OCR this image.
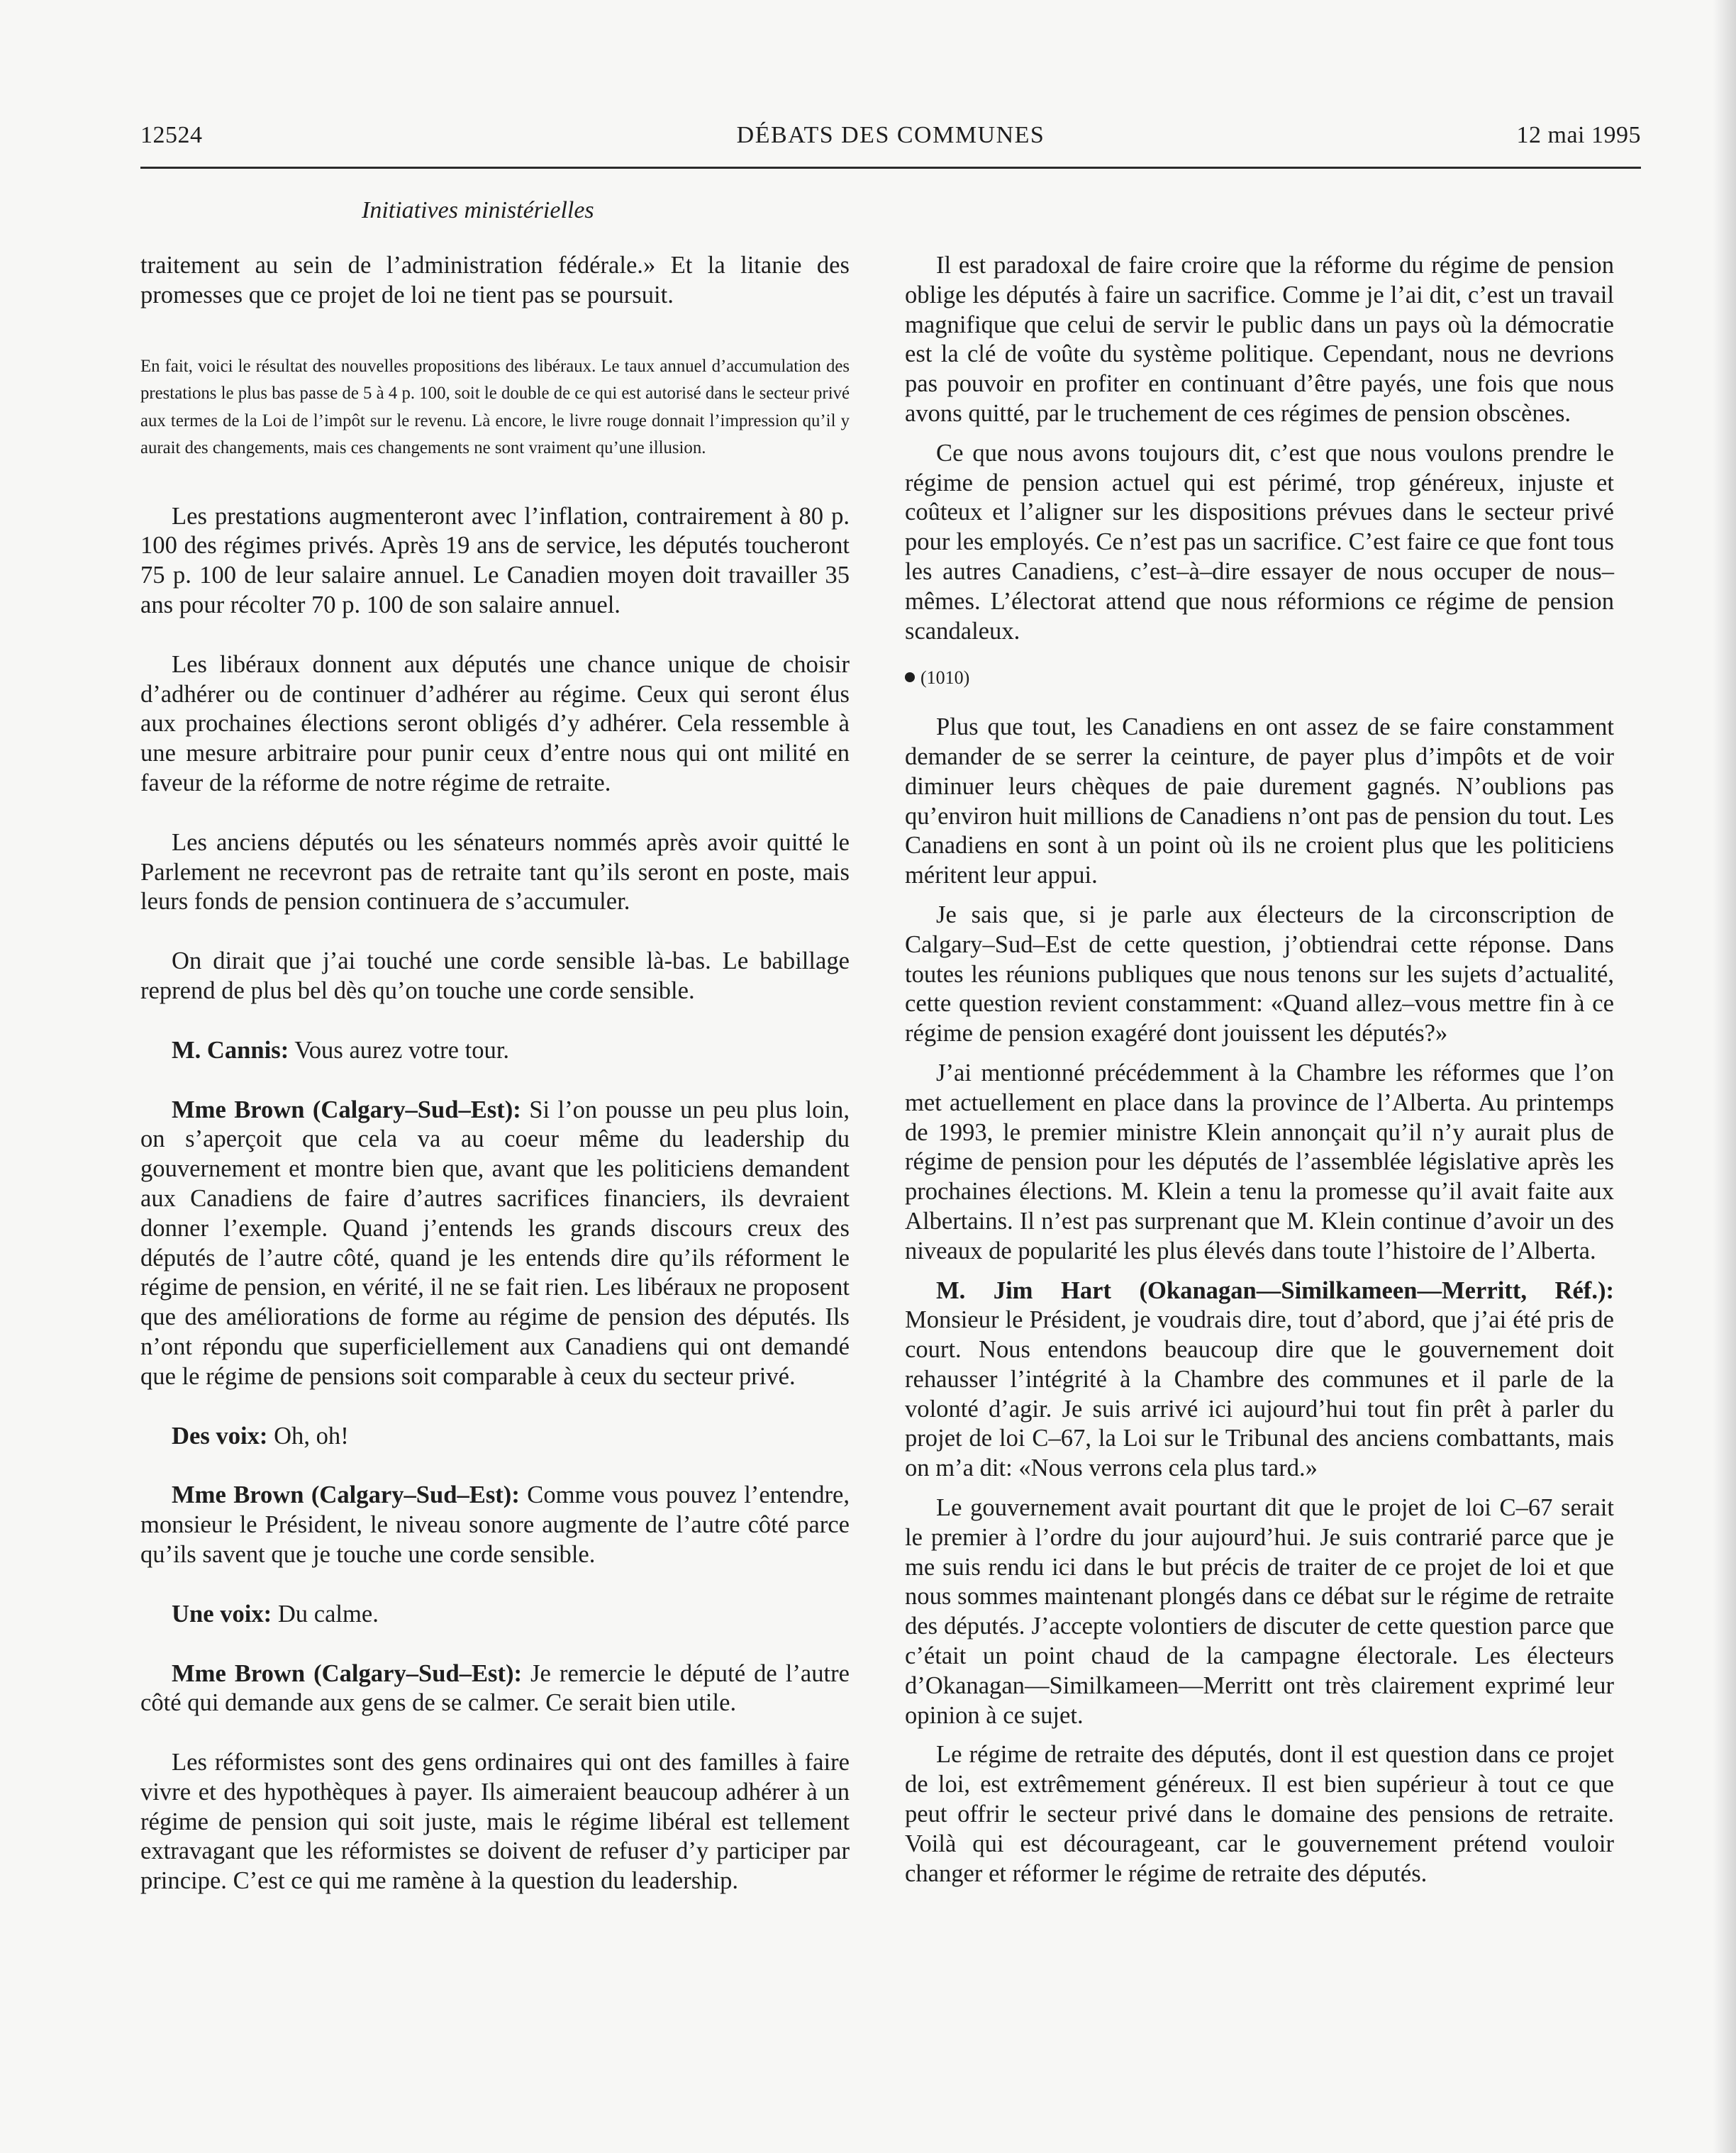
12524	DÉBATS DES COMMUNES	12 mai 1995
Initiatives ministérielles

traitement au sein de l’administration fédérale.» Et la litanie des promesses que ce projet de loi ne tient pas se poursuit.

En fait, voici le résultat des nouvelles propositions des libéraux. Le taux annuel d’accumulation des prestations le plus bas passe de 5 à 4 p. 100, soit le double de ce qui est autorisé dans le secteur privé aux termes de la Loi de l’impôt sur le revenu. Là encore, le livre rouge donnait l’impression qu’il y aurait des changements, mais ces changements ne sont vraiment qu’une illusion.

Les prestations augmenteront avec l’inflation, contrairement à 80 p. 100 des régimes privés. Après 19 ans de service, les députés toucheront 75 p. 100 de leur salaire annuel. Le Canadien moyen doit travailler 35 ans pour récolter 70 p. 100 de son salaire annuel.

Les libéraux donnent aux députés une chance unique de choisir d’adhérer ou de continuer d’adhérer au régime. Ceux qui seront élus aux prochaines élections seront obligés d’y adhérer. Cela ressemble à une mesure arbitraire pour punir ceux d’entre nous qui ont milité en faveur de la réforme de notre régime de retraite.

Les anciens députés ou les sénateurs nommés après avoir quitté le Parlement ne recevront pas de retraite tant qu’ils seront en poste, mais leurs fonds de pension continuera de s’accumuler.

On dirait que j’ai touché une corde sensible là-bas. Le babillage reprend de plus bel dès qu’on touche une corde sensible.

M. Cannis: Vous aurez votre tour.

Mme Brown (Calgary–Sud–Est): Si l’on pousse un peu plus loin, on s’aperçoit que cela va au coeur même du leadership du gouvernement et montre bien que, avant que les politiciens demandent aux Canadiens de faire d’autres sacrifices financiers, ils devraient donner l’exemple. Quand j’entends les grands discours creux des députés de l’autre côté, quand je les entends dire qu’ils réforment le régime de pension, en vérité, il ne se fait rien. Les libéraux ne proposent que des améliorations de forme au régime de pension des députés. Ils n’ont répondu que superficiellement aux Canadiens qui ont demandé que le régime de pensions soit comparable à ceux du secteur privé.

Des voix: Oh, oh!

Mme Brown (Calgary–Sud–Est): Comme vous pouvez l’entendre, monsieur le Président, le niveau sonore augmente de l’autre côté parce qu’ils savent que je touche une corde sensible.

Une voix: Du calme.

Mme Brown (Calgary–Sud–Est): Je remercie le député de l’autre côté qui demande aux gens de se calmer. Ce serait bien utile.

Les réformistes sont des gens ordinaires qui ont des familles à faire vivre et des hypothèques à payer. Ils aimeraient beaucoup adhérer à un régime de pension qui soit juste, mais le régime libéral est tellement extravagant que les réformistes se doivent de refuser d’y participer par principe. C’est ce qui me ramène à la question du leadership.

Il est paradoxal de faire croire que la réforme du régime de pension oblige les députés à faire un sacrifice. Comme je l’ai dit, c’est un travail magnifique que celui de servir le public dans un pays où la démocratie est la clé de voûte du système politique. Cependant, nous ne devrions pas pouvoir en profiter en continuant d’être payés, une fois que nous avons quitté, par le truchement de ces régimes de pension obscènes.

Ce que nous avons toujours dit, c’est que nous voulons prendre le régime de pension actuel qui est périmé, trop généreux, injuste et coûteux et l’aligner sur les dispositions prévues dans le secteur privé pour les employés. Ce n’est pas un sacrifice. C’est faire ce que font tous les autres Canadiens, c’est–à–dire essayer de nous occuper de nous–mêmes. L’électorat attend que nous réformions ce régime de pension scandaleux.

(1010)

Plus que tout, les Canadiens en ont assez de se faire constamment demander de se serrer la ceinture, de payer plus d’impôts et de voir diminuer leurs chèques de paie durement gagnés. N’oublions pas qu’environ huit millions de Canadiens n’ont pas de pension du tout. Les Canadiens en sont à un point où ils ne croient plus que les politiciens méritent leur appui.

Je sais que, si je parle aux électeurs de la circonscription de Calgary–Sud–Est de cette question, j’obtiendrai cette réponse. Dans toutes les réunions publiques que nous tenons sur les sujets d’actualité, cette question revient constamment: «Quand allez–vous mettre fin à ce régime de pension exagéré dont jouissent les députés?»

J’ai mentionné précédemment à la Chambre les réformes que l’on met actuellement en place dans la province de l’Alberta. Au printemps de 1993, le premier ministre Klein annonçait qu’il n’y aurait plus de régime de pension pour les députés de l’assemblée législative après les prochaines élections. M. Klein a tenu la promesse qu’il avait faite aux Albertains. Il n’est pas surprenant que M. Klein continue d’avoir un des niveaux de popularité les plus élevés dans toute l’histoire de l’Alberta.

M. Jim Hart (Okanagan—Similkameen—Merritt, Réf.): Monsieur le Président, je voudrais dire, tout d’abord, que j’ai été pris de court. Nous entendons beaucoup dire que le gouvernement doit rehausser l’intégrité à la Chambre des communes et il parle de la volonté d’agir. Je suis arrivé ici aujourd’hui tout fin prêt à parler du projet de loi C–67, la Loi sur le Tribunal des anciens combattants, mais on m’a dit: «Nous verrons cela plus tard.»

Le gouvernement avait pourtant dit que le projet de loi C–67 serait le premier à l’ordre du jour aujourd’hui. Je suis contrarié parce que je me suis rendu ici dans le but précis de traiter de ce projet de loi et que nous sommes maintenant plongés dans ce débat sur le régime de retraite des députés. J’accepte volontiers de discuter de cette question parce que c’était un point chaud de la campagne électorale. Les électeurs d’Okanagan—Similkameen—Merritt ont très clairement exprimé leur opinion à ce sujet.

Le régime de retraite des députés, dont il est question dans ce projet de loi, est extrêmement généreux. Il est bien supérieur à tout ce que peut offrir le secteur privé dans le domaine des pensions de retraite. Voilà qui est décourageant, car le gouvernement prétend vouloir changer et réformer le régime de retraite des députés.
